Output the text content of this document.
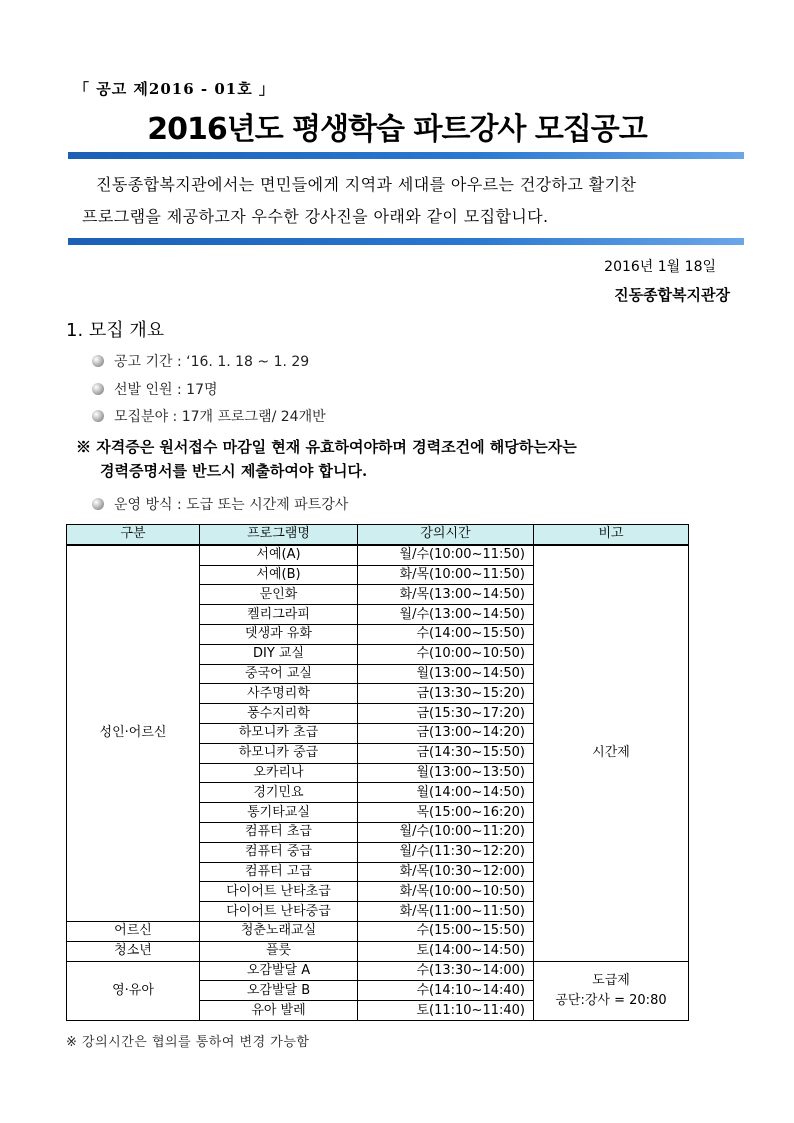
「 공고 제2016 - 01호 」
2016년도 평생학습 파트강사 모집공고
진동종합복지관에서는 면민들에게 지역과 세대를 아우르는 건강하고 활기찬
프로그램을 제공하고자 우수한 강사진을 아래와 같이 모집합니다.
2016년 1월 18일
진동종합복지관장
1. 모집 개요
공고 기간 : ‘16. 1. 18 ~ 1. 29
선발 인원 : 17명
모집분야 : 17개 프로그램/ 24개반
※ 자격증은 원서접수 마감일 현재 유효하여야하며 경력조건에 해당하는자는
경력증명서를 반드시 제출하여야 합니다.
운영 방식 : 도급 또는 시간제 파트강사
구분	프로그램명	강의시간	비고
성인·어르신	서예(A)	월/수(10:00~11:50)	시간제
	서예(B)	화/목(10:00~11:50)	
	문인화	화/목(13:00~14:50)	
	켈리그라피	월/수(13:00~14:50)	
	뎃생과 유화	수(14:00~15:50)	
	DIY 교실	수(10:00~10:50)	
	중국어 교실	월(13:00~14:50)	
	사주명리학	금(13:30~15:20)	
	풍수지리학	금(15:30~17:20)	
	하모니카 초급	금(13:00~14:20)	
	하모니카 중급	금(14:30~15:50)	
	오카리나	월(13:00~13:50)	
	경기민요	월(14:00~14:50)	
	통기타교실	목(15:00~16:20)	
	컴퓨터 초급	월/수(10:00~11:20)	
	컴퓨터 중급	월/수(11:30~12:20)	
	컴퓨터 고급	화/목(10:30~12:00)	
	다이어트 난타초급	화/목(10:00~10:50)	
	다이어트 난타중급	화/목(11:00~11:50)	
어르신	청춘노래교실	수(15:00~15:50)	
청소년	플룻	토(14:00~14:50)	
영·유아	오감발달 A	수(13:30~14:00)	도급제
공단:강사 = 20:80

	오감발달 B	수(14:10~14:40)	
	유아 발레	토(11:10~11:40)	
※ 강의시간은 협의를 통하여 변경 가능함
